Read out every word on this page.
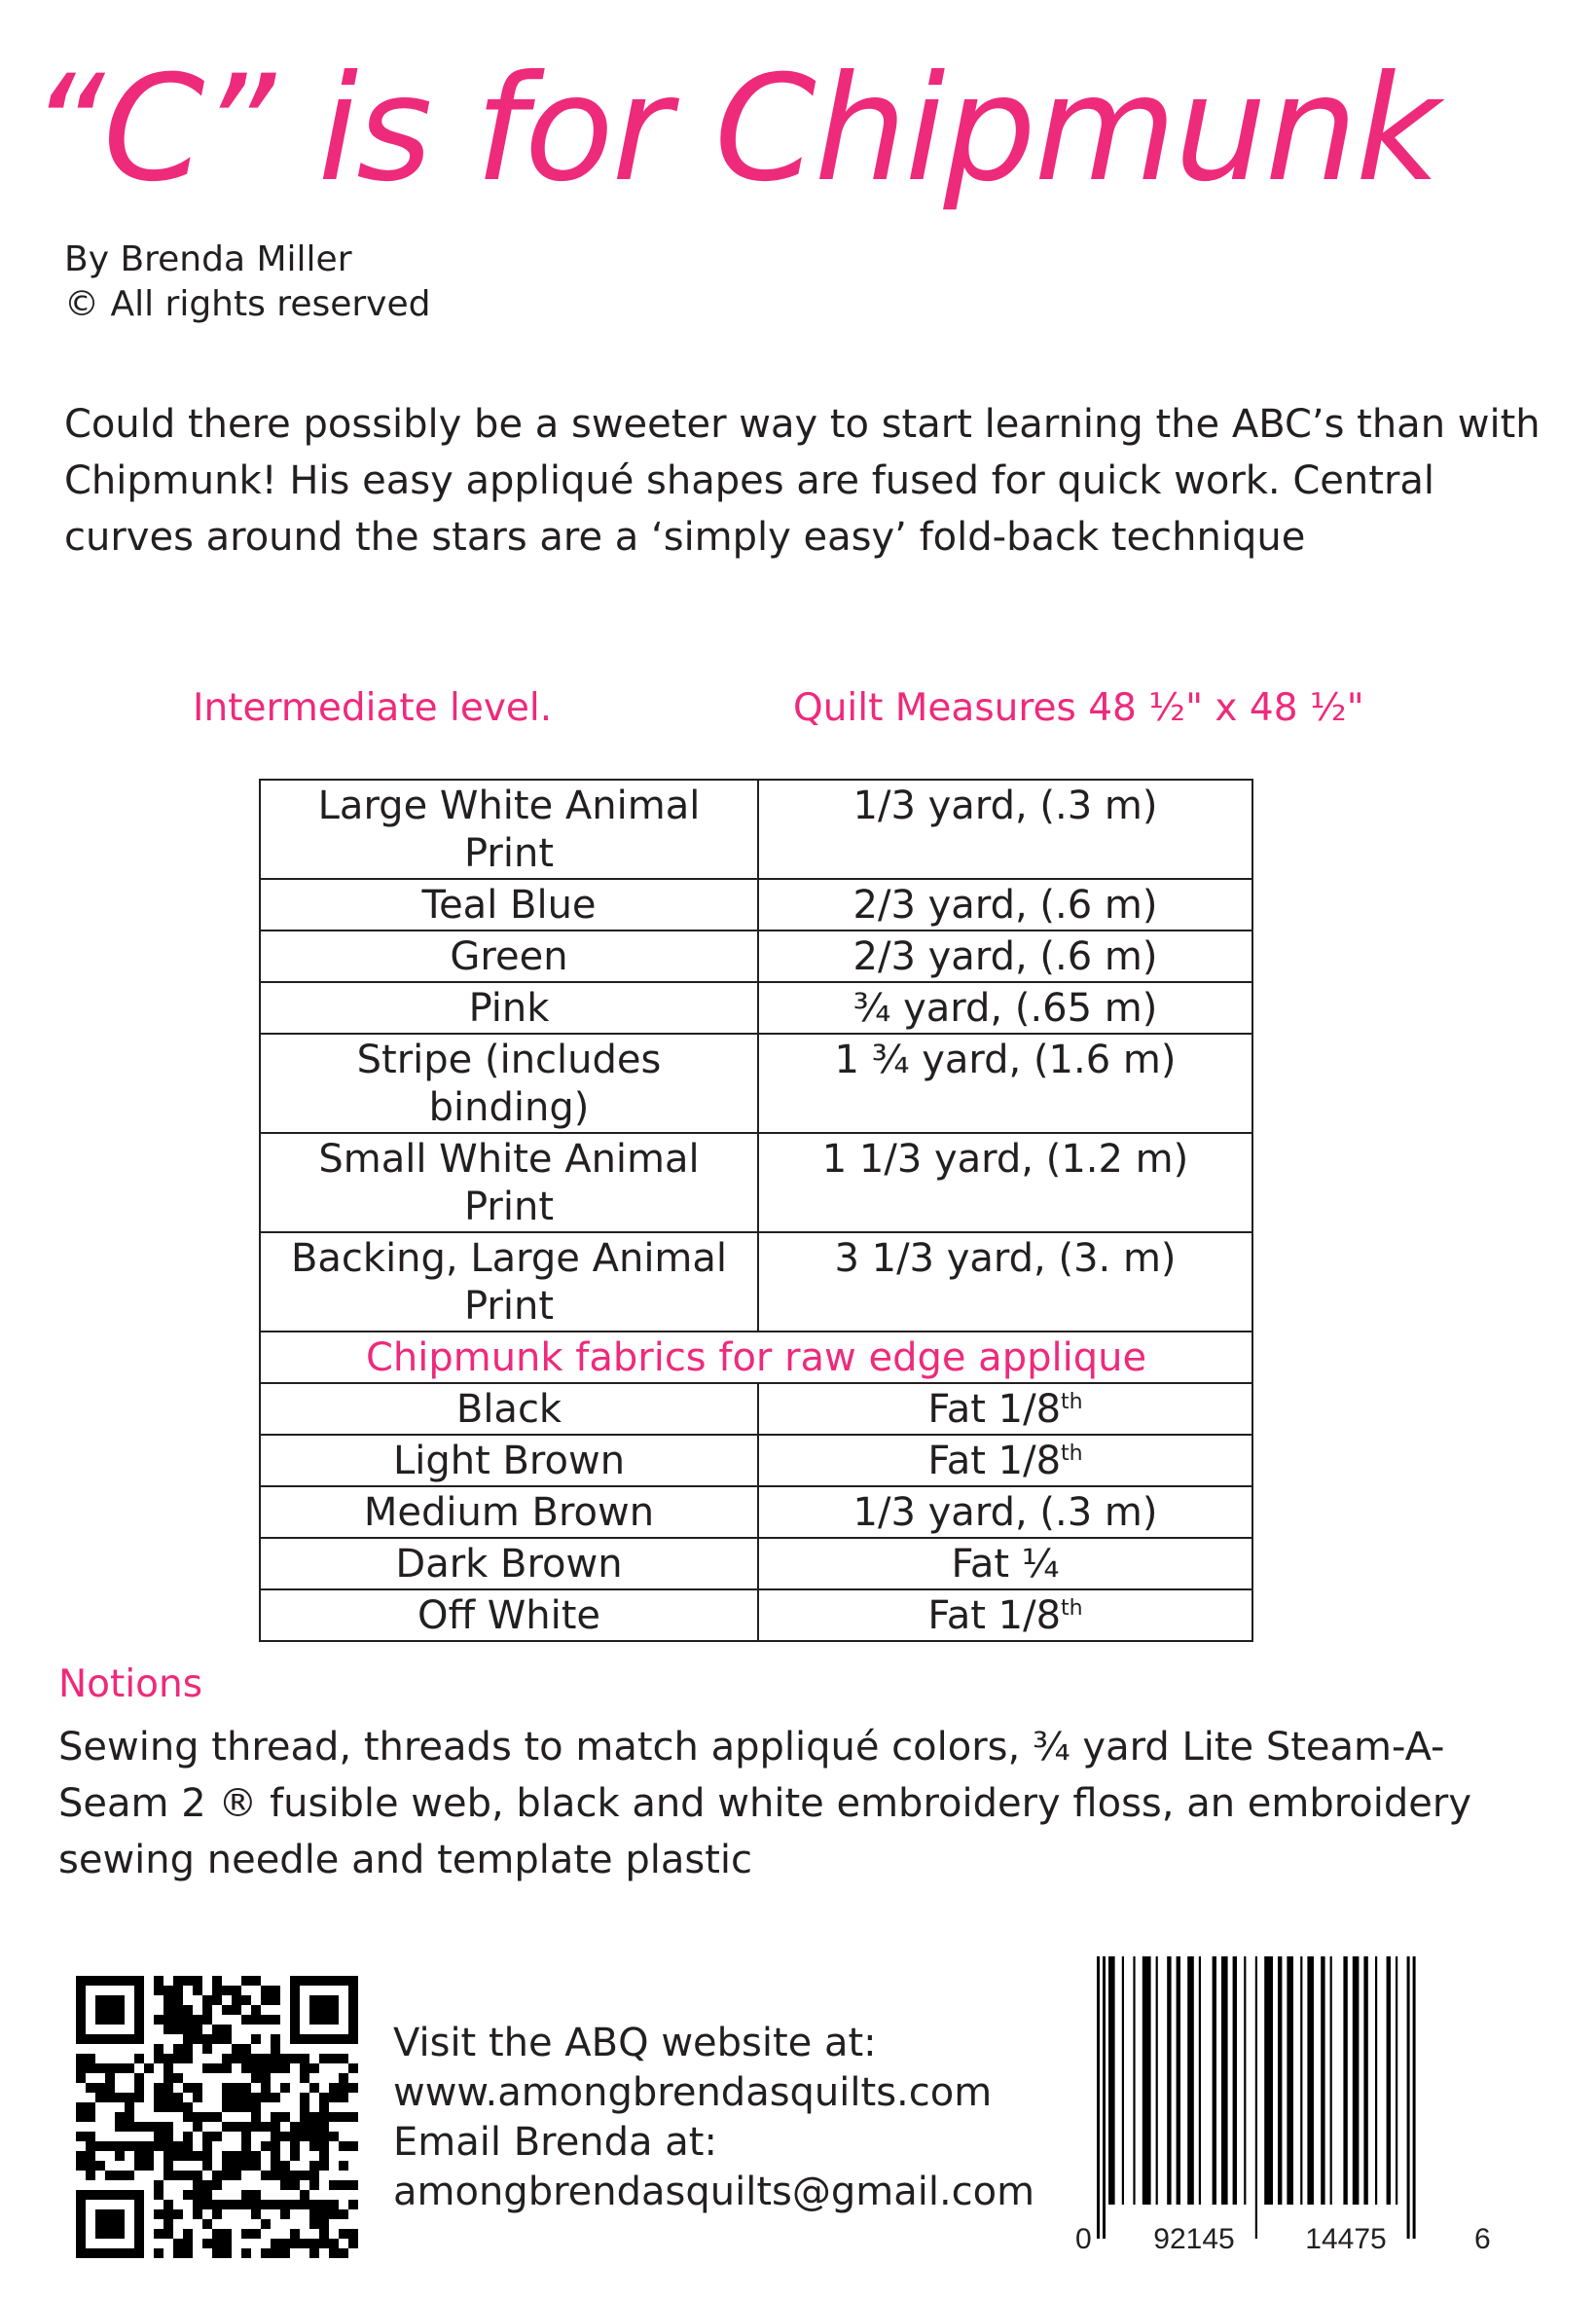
“C” is for Chipmunk
By Brenda Miller
© All rights reserved
Could there possibly be a sweeter way to start learning the ABC’s than with Chipmunk! His easy appliqué shapes are fused for quick work. Central curves around the stars are a ‘simply easy’ fold-back technique
Intermediate level.	Quilt Measures 48 ½" x 48 ½"
Large White Animal Print	1/3 yard, (.3 m)
Teal Blue	2/3 yard, (.6 m)
Green	2/3 yard, (.6 m)
Pink	¾ yard, (.65 m)
Stripe (includes binding)	1 ¾ yard, (1.6 m)
Small White Animal Print	1 1/3 yard, (1.2 m)
Backing, Large Animal Print	3 1/3 yard, (3. m)
Chipmunk fabrics for raw edge applique	
Black	Fat 1/8th
Light Brown	Fat 1/8th
Medium Brown	1/3 yard, (.3 m)
Dark Brown	Fat ¼
Off White	Fat 1/8th
Notions
Sewing thread, threads to match appliqué colors, ¾ yard Lite Steam-A-Seam 2 ® fusible web, black and white embroidery floss, an embroidery sewing needle and template plastic
Visit the ABQ website at:
www.amongbrendasquilts.com
Email Brenda at:
amongbrendasquilts@gmail.com
0 92145 14475	6
